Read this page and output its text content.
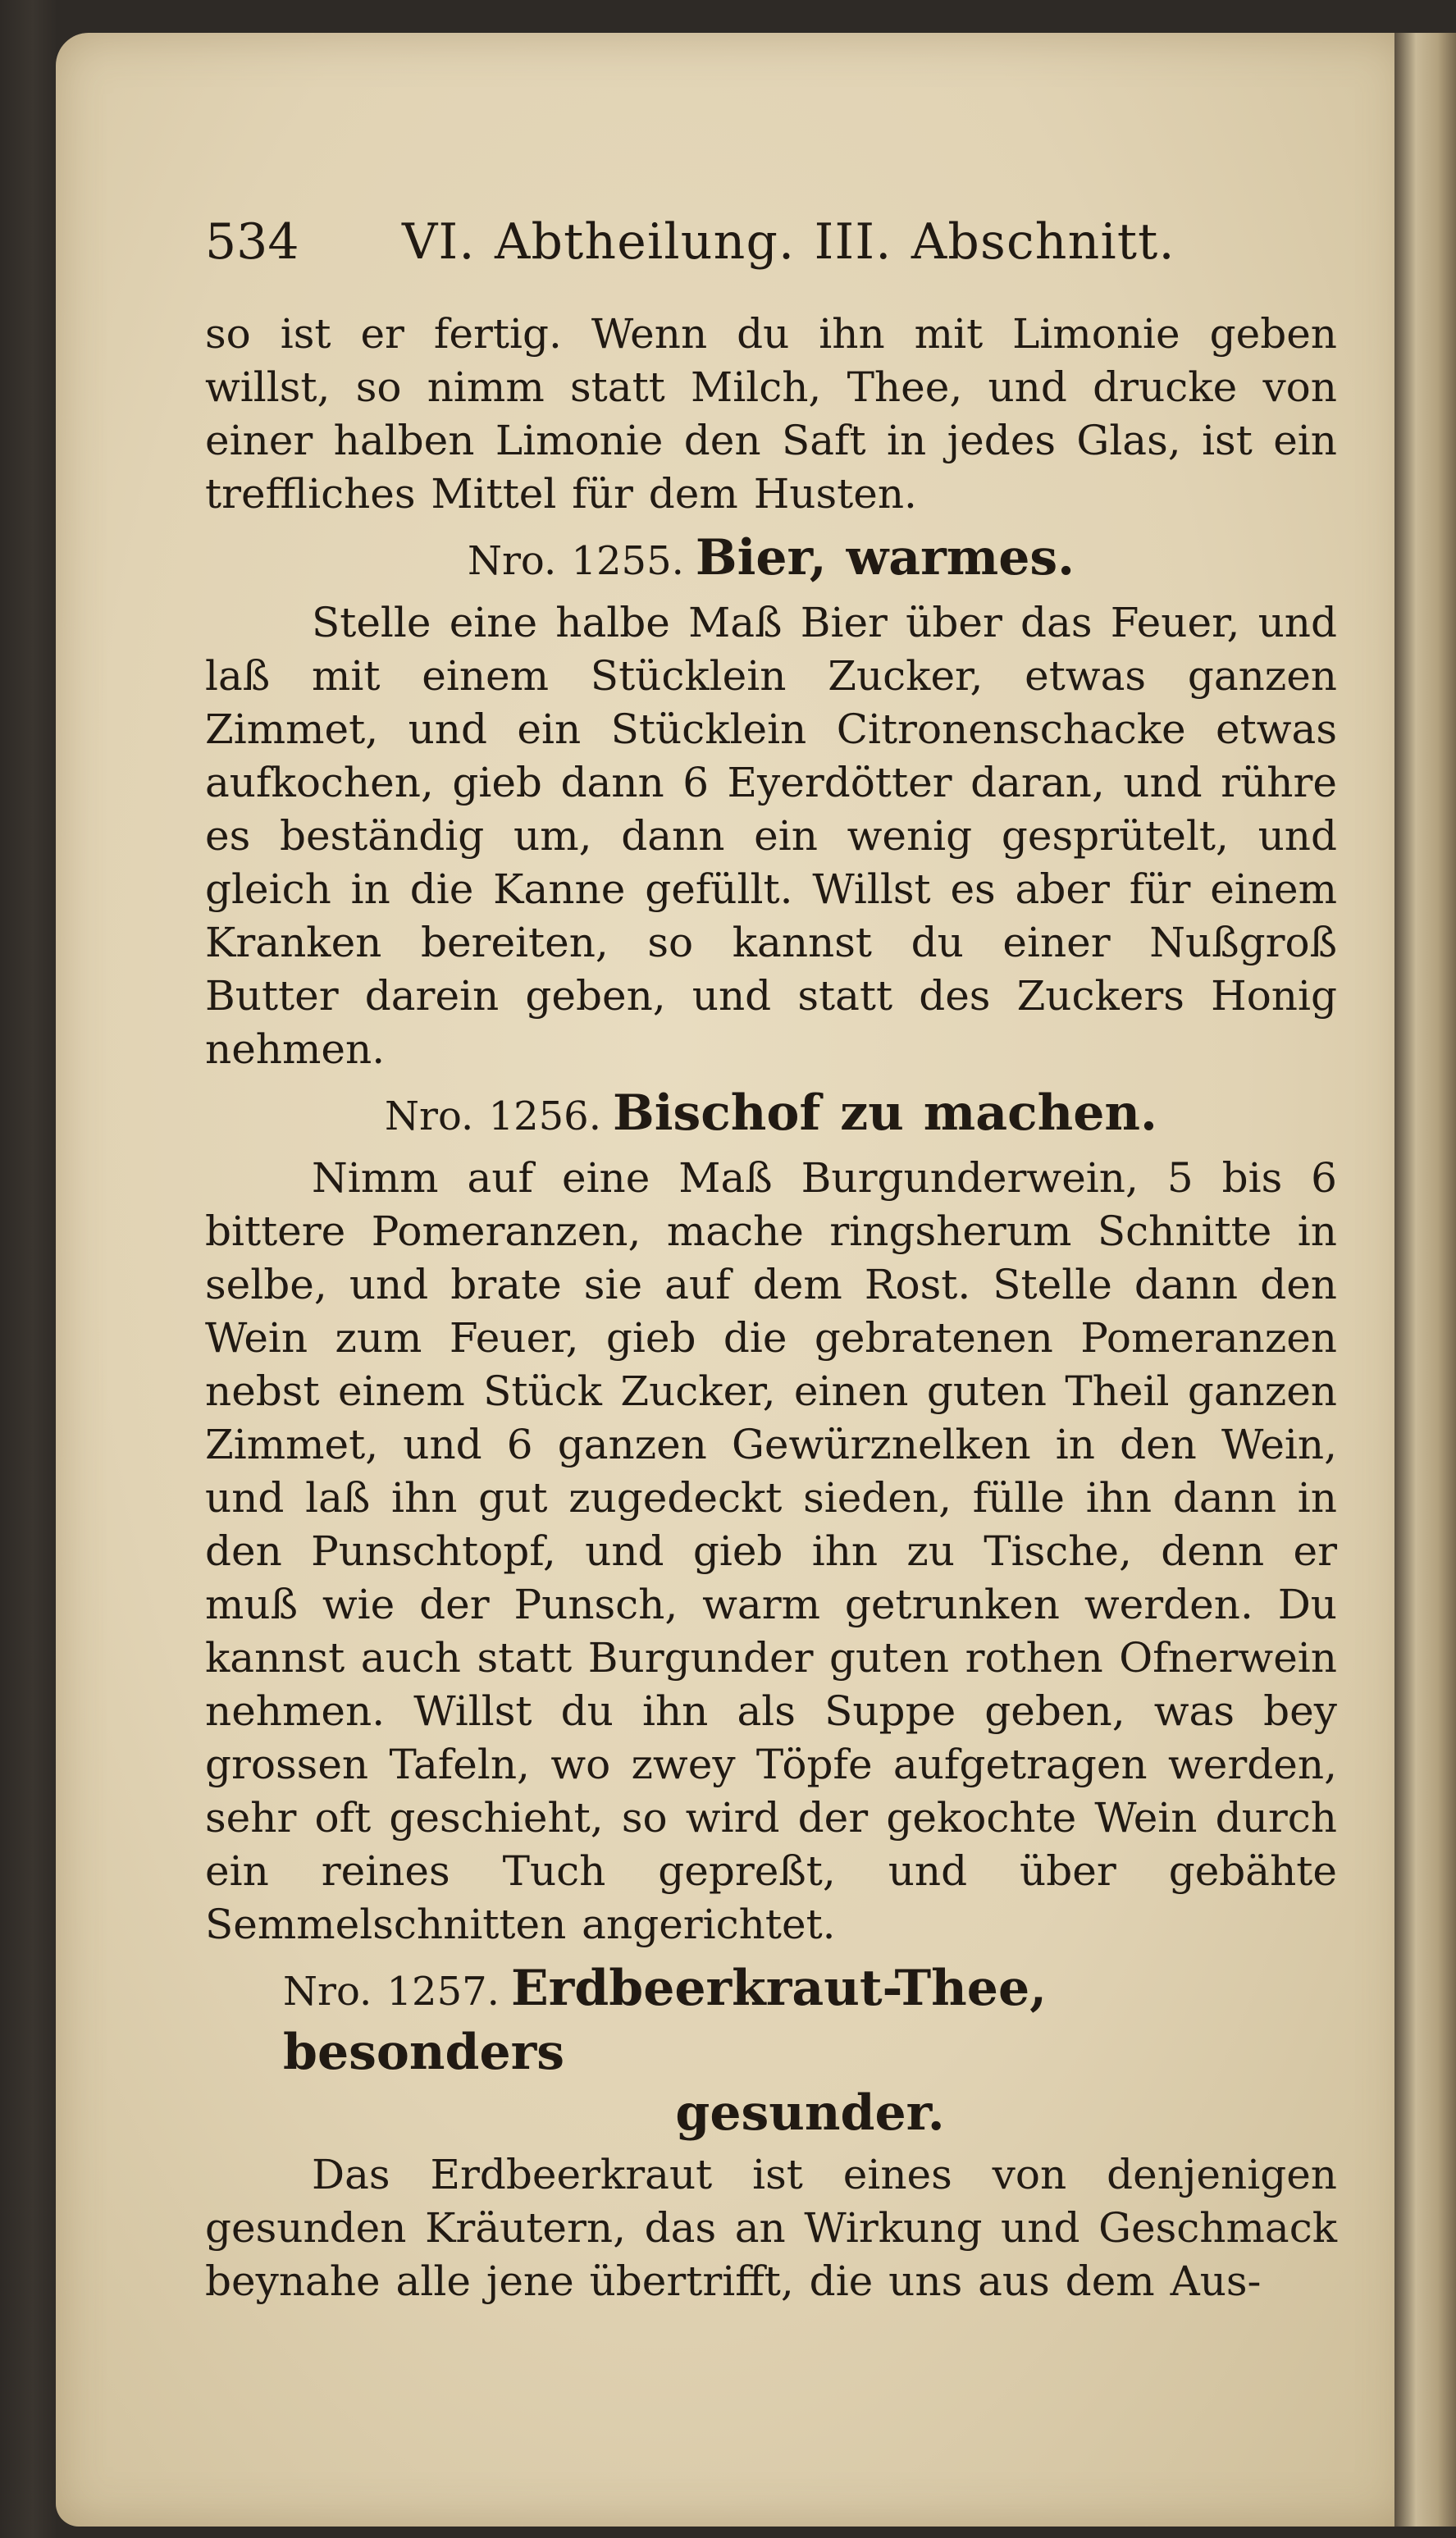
534	VI. Abtheilung. III. Abschnitt.

so ist er fertig. Wenn du ihn mit Limonie geben willst, so nimm statt Milch, Thee, und drucke von einer halben Limonie den Saft in jedes Glas, ist ein treffliches Mittel für dem Husten.

Nro. 1255. Bier, warmes.

Stelle eine halbe Maß Bier über das Feuer, und laß mit einem Stücklein Zucker, etwas ganzen Zimmet, und ein Stücklein Citronenschacke etwas aufkochen, gieb dann 6 Eyerdötter daran, und rühre es beständig um, dann ein wenig gesprütelt, und gleich in die Kanne gefüllt. Willst es aber für einem Kranken bereiten, so kannst du einer Nußgroß Butter darein geben, und statt des Zuckers Honig nehmen.

Nro. 1256. Bischof zu machen.

Nimm auf eine Maß Burgunderwein, 5 bis 6 bittere Pomeranzen, mache ringsherum Schnitte in selbe, und brate sie auf dem Rost. Stelle dann den Wein zum Feuer, gieb die gebratenen Pomeranzen nebst einem Stück Zucker, einen guten Theil ganzen Zimmet, und 6 ganzen Gewürznelken in den Wein, und laß ihn gut zugedeckt sieden, fülle ihn dann in den Punschtopf, und gieb ihn zu Tische, denn er muß wie der Punsch, warm getrunken werden. Du kannst auch statt Burgunder guten rothen Ofnerwein nehmen. Willst du ihn als Suppe geben, was bey grossen Tafeln, wo zwey Töpfe aufgetragen werden, sehr oft geschieht, so wird der gekochte Wein durch ein reines Tuch gepreßt, und über gebähte Semmelschnitten angerichtet.

Nro. 1257. Erdbeerkraut-Thee, besonders
gesunder.

Das Erdbeerkraut ist eines von denjenigen gesunden Kräutern, das an Wirkung und Geschmack beynahe alle jene übertrifft, die uns aus dem Aus-
